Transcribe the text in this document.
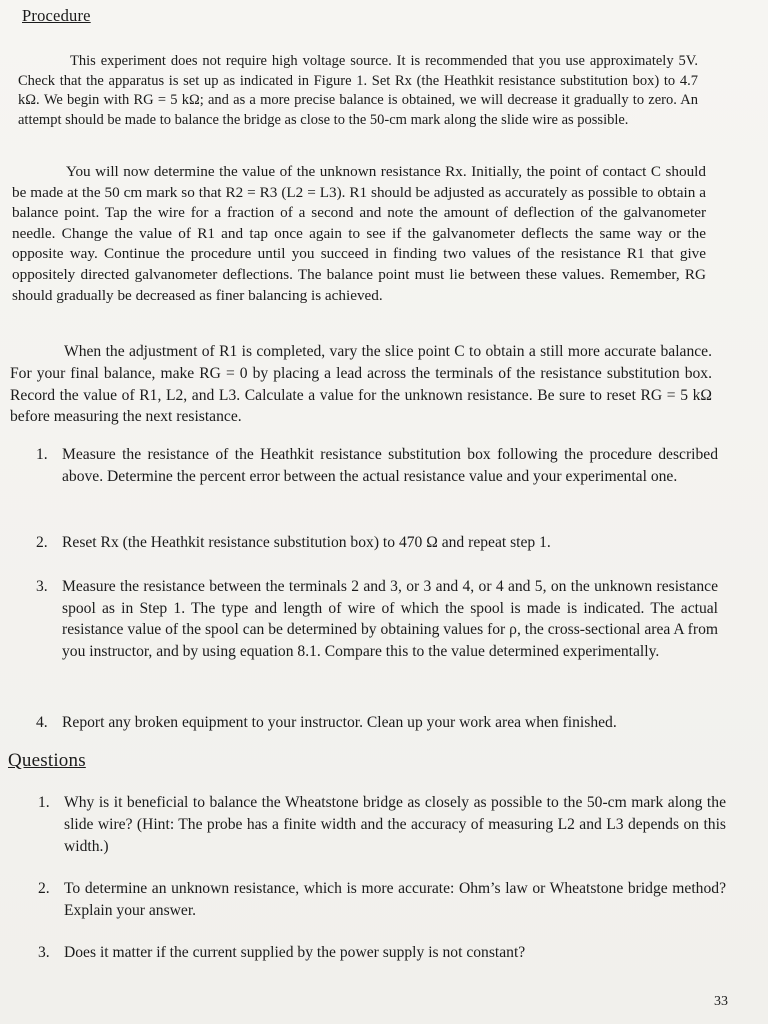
Procedure

This experiment does not require high voltage source. It is recommended that you use approximately 5V. Check that the apparatus is set up as indicated in Figure 1. Set Rx (the Heathkit resistance substitution box) to 4.7 kΩ. We begin with RG = 5 kΩ; and as a more precise balance is obtained, we will decrease it gradually to zero. An attempt should be made to balance the bridge as close to the 50-cm mark along the slide wire as possible.

You will now determine the value of the unknown resistance Rx. Initially, the point of contact C should be made at the 50 cm mark so that R2 = R3 (L2 = L3). R1 should be adjusted as accurately as possible to obtain a balance point. Tap the wire for a fraction of a second and note the amount of deflection of the galvanometer needle. Change the value of R1 and tap once again to see if the galvanometer deflects the same way or the opposite way. Continue the procedure until you succeed in finding two values of the resistance R1 that give oppositely directed galvanometer deflections. The balance point must lie between these values. Remember, RG should gradually be decreased as finer balancing is achieved.

When the adjustment of R1 is completed, vary the slice point C to obtain a still more accurate balance. For your final balance, make RG = 0 by placing a lead across the terminals of the resistance substitution box. Record the value of R1, L2, and L3. Calculate a value for the unknown resistance. Be sure to reset RG = 5 kΩ before measuring the next resistance.

1. Measure the resistance of the Heathkit resistance substitution box following the procedure described above. Determine the percent error between the actual resistance value and your experimental one.
2. Reset Rx (the Heathkit resistance substitution box) to 470 Ω and repeat step 1.
3. Measure the resistance between the terminals 2 and 3, or 3 and 4, or 4 and 5, on the unknown resistance spool as in Step 1. The type and length of wire of which the spool is made is indicated. The actual resistance value of the spool can be determined by obtaining values for ρ, the cross-sectional area A from you instructor, and by using equation 8.1. Compare this to the value determined experimentally.
4. Report any broken equipment to your instructor. Clean up your work area when finished.
Questions
1. Why is it beneficial to balance the Wheatstone bridge as closely as possible to the 50-cm mark along the slide wire? (Hint: The probe has a finite width and the accuracy of measuring L2 and L3 depends on this width.)
2. To determine an unknown resistance, which is more accurate: Ohm’s law or Wheatstone bridge method? Explain your answer.
3. Does it matter if the current supplied by the power supply is not constant?
33
